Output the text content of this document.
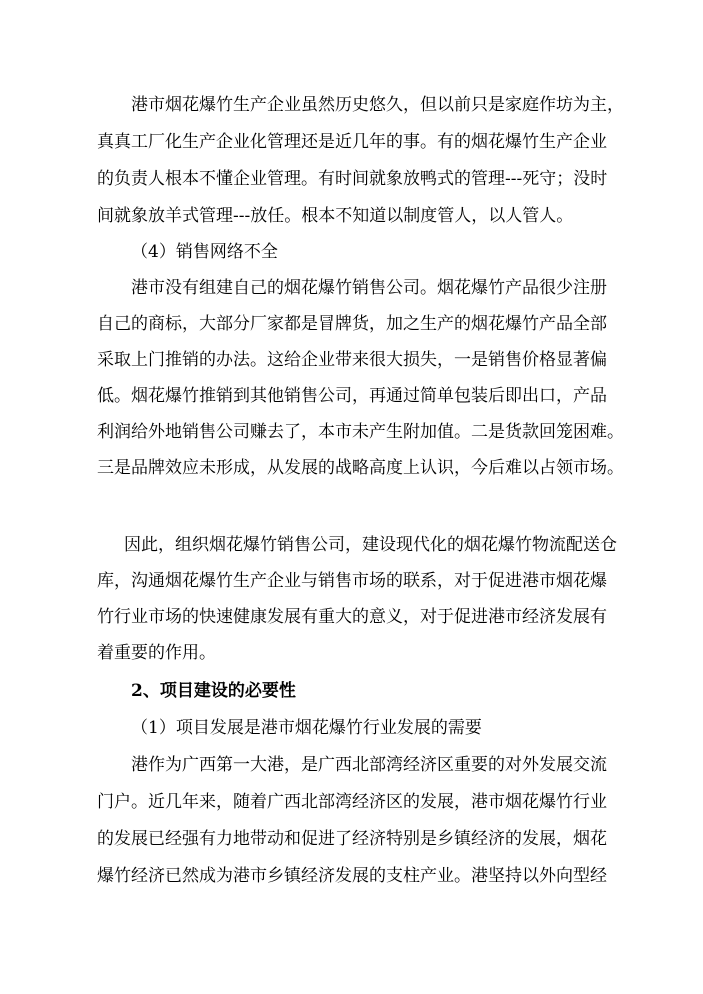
港市烟花爆竹生产企业虽然历史悠久，但以前只是家庭作坊为主，
真真工厂化生产企业化管理还是近几年的事。有的烟花爆竹生产企业
的负责人根本不懂企业管理。有时间就象放鸭式的管理---死守；没时
间就象放羊式管理---放任。根本不知道以制度管人，以人管人。
（4）销售网络不全
港市没有组建自己的烟花爆竹销售公司。烟花爆竹产品很少注册
自己的商标，大部分厂家都是冒牌货，加之生产的烟花爆竹产品全部
采取上门推销的办法。这给企业带来很大损失，一是销售价格显著偏
低。烟花爆竹推销到其他销售公司，再通过简单包装后即出口，产品
利润给外地销售公司赚去了，本市未产生附加值。二是货款回笼困难。
三是品牌效应未形成，从发展的战略高度上认识，今后难以占领市场。
因此，组织烟花爆竹销售公司，建设现代化的烟花爆竹物流配送仓
库，沟通烟花爆竹生产企业与销售市场的联系，对于促进港市烟花爆
竹行业市场的快速健康发展有重大的意义，对于促进港市经济发展有
着重要的作用。
2、项目建设的必要性
（1）项目发展是港市烟花爆竹行业发展的需要
港作为广西第一大港，是广西北部湾经济区重要的对外发展交流
门户。近几年来，随着广西北部湾经济区的发展，港市烟花爆竹行业
的发展已经强有力地带动和促进了经济特别是乡镇经济的发展，烟花
爆竹经济已然成为港市乡镇经济发展的支柱产业。港坚持以外向型经
